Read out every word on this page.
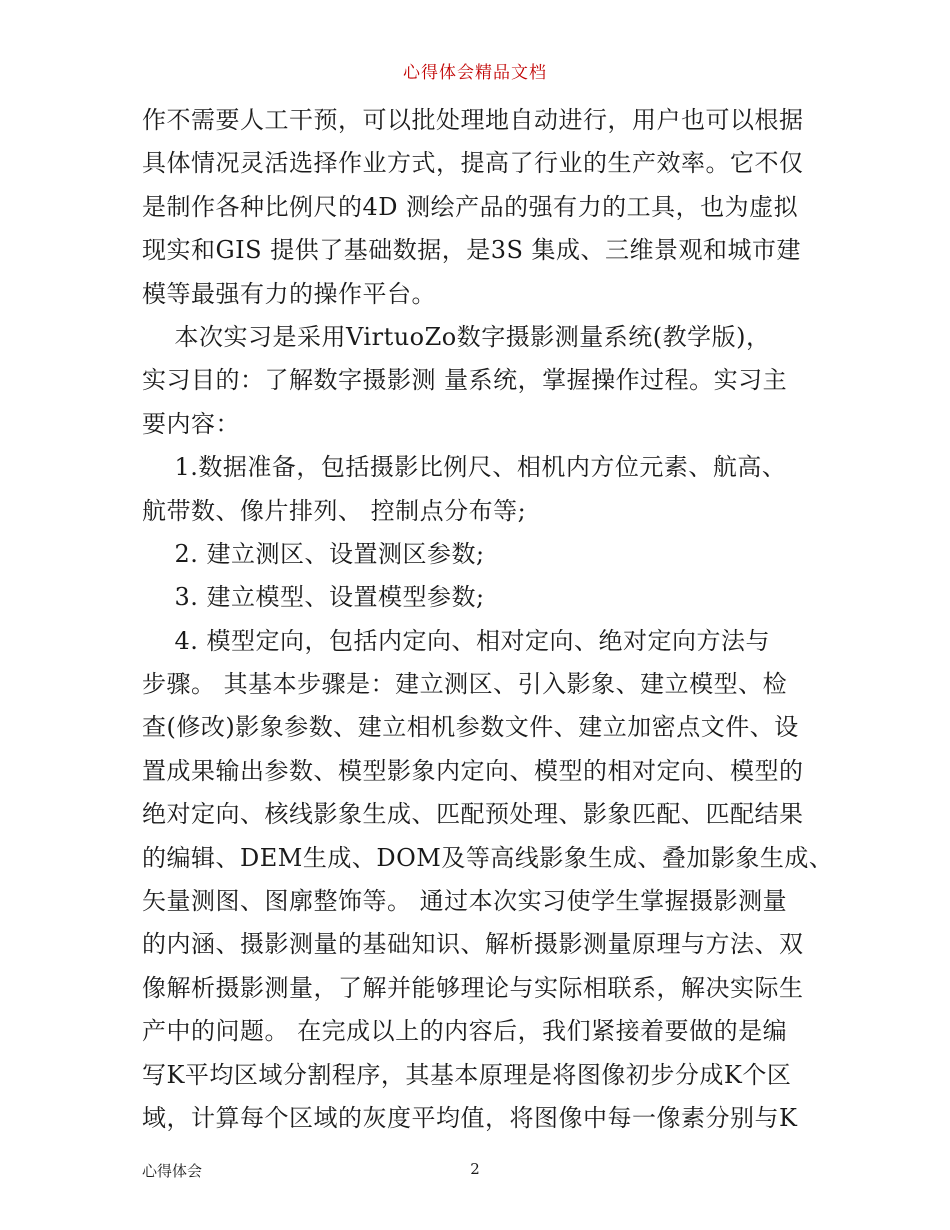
心得体会精品文档
作不需要人工干预，可以批处理地自动进行，用户也可以根据
具体情况灵活选择作业方式，提高了行业的生产效率。它不仅
是制作各种比例尺的4D 测绘产品的强有力的工具，也为虚拟
现实和GIS 提供了基础数据，是3S 集成、三维景观和城市建
模等最强有力的操作平台。
本次实习是采用VirtuoZo数字摄影测量系统(教学版)，
实习目的：了解数字摄影测 量系统，掌握操作过程。实习主
要内容：
1.数据准备，包括摄影比例尺、相机内方位元素、航高、
航带数、像片排列、 控制点分布等;
2. 建立测区、设置测区参数;
3. 建立模型、设置模型参数;
4. 模型定向，包括内定向、相对定向、绝对定向方法与
步骤。 其基本步骤是：建立测区、引入影象、建立模型、检
查(修改)影象参数、建立相机参数文件、建立加密点文件、设
置成果输出参数、模型影象内定向、模型的相对定向、模型的
绝对定向、核线影象生成、匹配预处理、影象匹配、匹配结果
的编辑、DEM生成、DOM及等高线影象生成、叠加影象生成、
矢量测图、图廓整饰等。 通过本次实习使学生掌握摄影测量
的内涵、摄影测量的基础知识、解析摄影测量原理与方法、双
像解析摄影测量，了解并能够理论与实际相联系，解决实际生
产中的问题。 在完成以上的内容后，我们紧接着要做的是编
写K平均区域分割程序，其基本原理是将图像初步分成K个区
域，计算每个区域的灰度平均值，将图像中每一像素分别与K
心得体会	2
